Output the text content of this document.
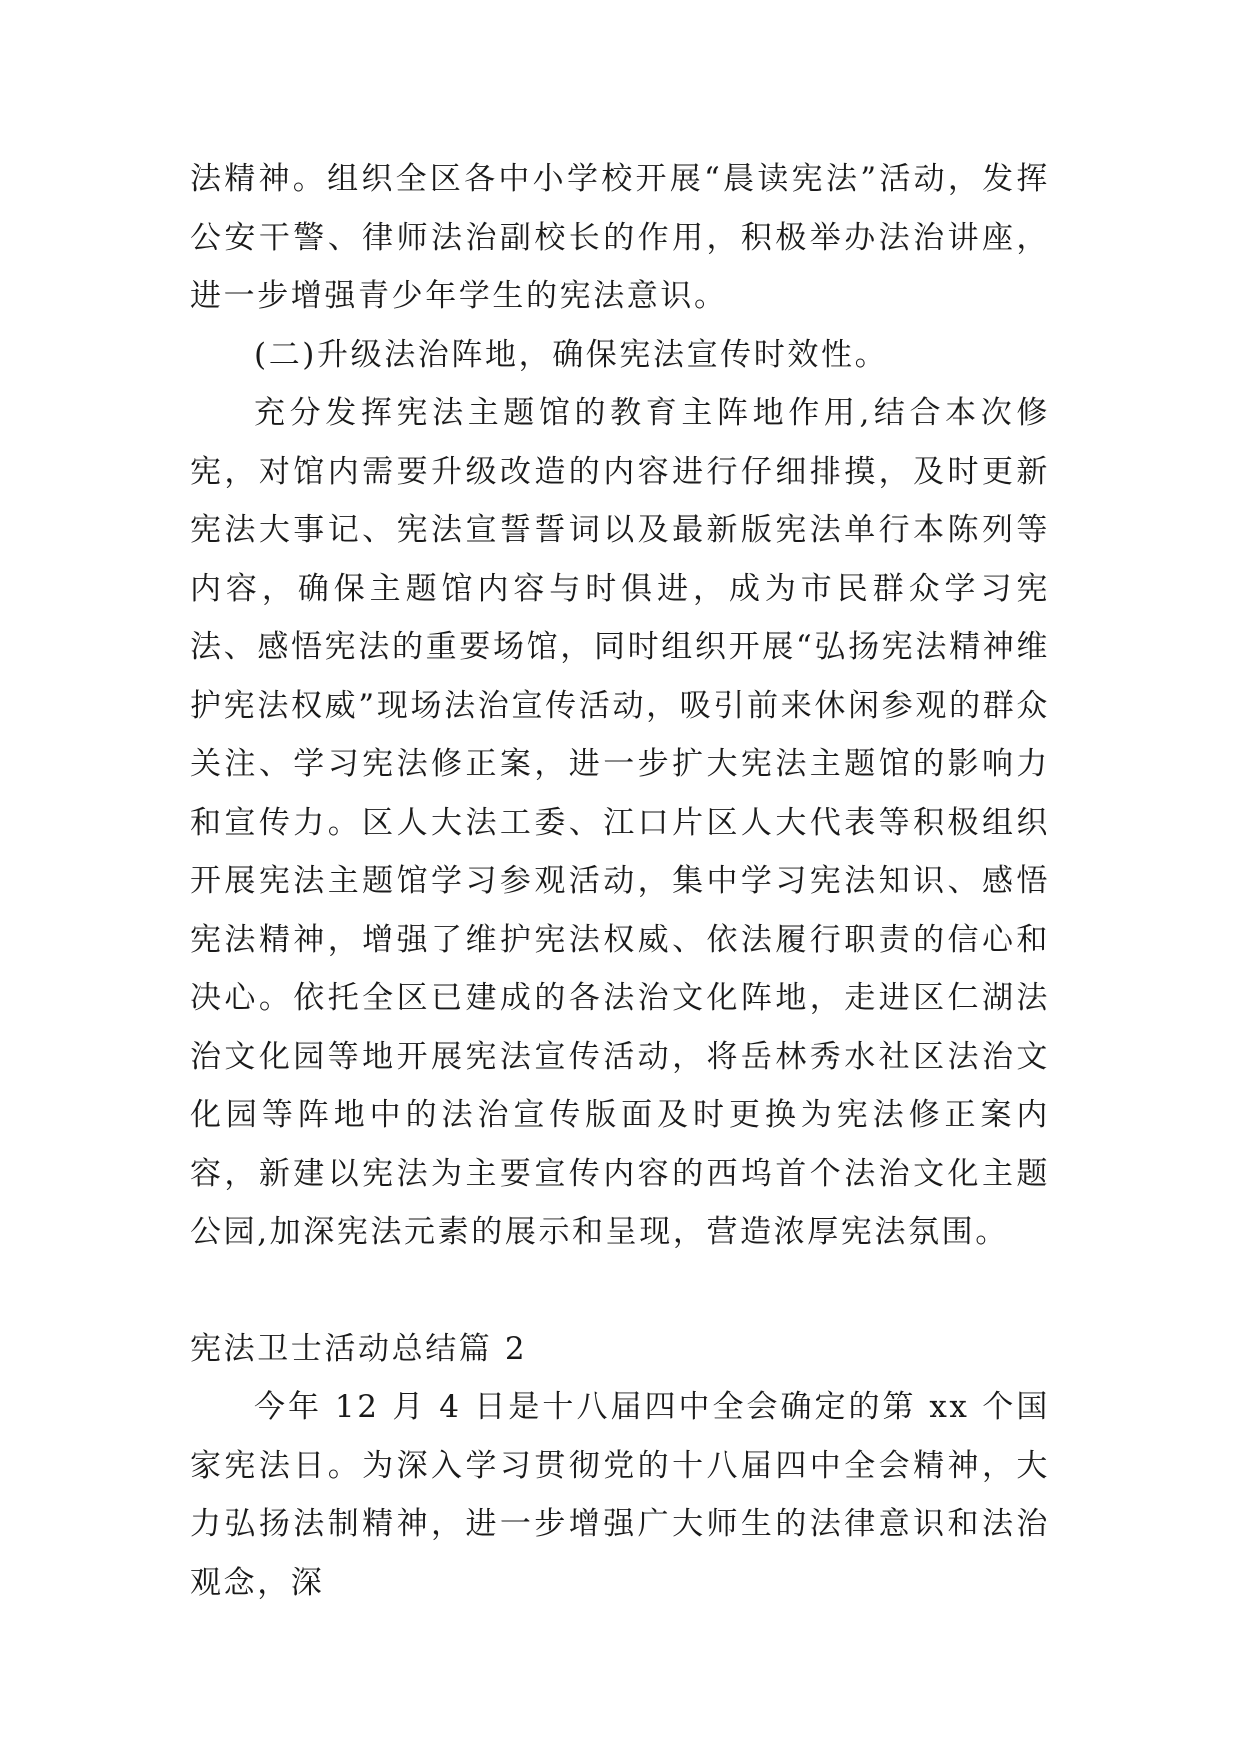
法精神。组织全区各中小学校开展“晨读宪法”活动，发挥公安干警、律师法治副校长的作用，积极举办法治讲座，进一步增强青少年学生的宪法意识。

(二)升级法治阵地，确保宪法宣传时效性。

充分发挥宪法主题馆的教育主阵地作用,结合本次修宪，对馆内需要升级改造的内容进行仔细排摸，及时更新宪法大事记、宪法宣誓誓词以及最新版宪法单行本陈列等内容，确保主题馆内容与时俱进，成为市民群众学习宪法、感悟宪法的重要场馆，同时组织开展“弘扬宪法精神维护宪法权威”现场法治宣传活动，吸引前来休闲参观的群众关注、学习宪法修正案，进一步扩大宪法主题馆的影响力和宣传力。区人大法工委、江口片区人大代表等积极组织开展宪法主题馆学习参观活动，集中学习宪法知识、感悟宪法精神，增强了维护宪法权威、依法履行职责的信心和决心。依托全区已建成的各法治文化阵地，走进区仁湖法治文化园等地开展宪法宣传活动，将岳林秀水社区法治文化园等阵地中的法治宣传版面及时更换为宪法修正案内容，新建以宪法为主要宣传内容的西坞首个法治文化主题公园,加深宪法元素的展示和呈现，营造浓厚宪法氛围。

宪法卫士活动总结篇 2

今年 12 月 4 日是十八届四中全会确定的第 xx 个国家宪法日。为深入学习贯彻党的十八届四中全会精神，大力弘扬法制精神，进一步增强广大师生的法律意识和法治观念，深
